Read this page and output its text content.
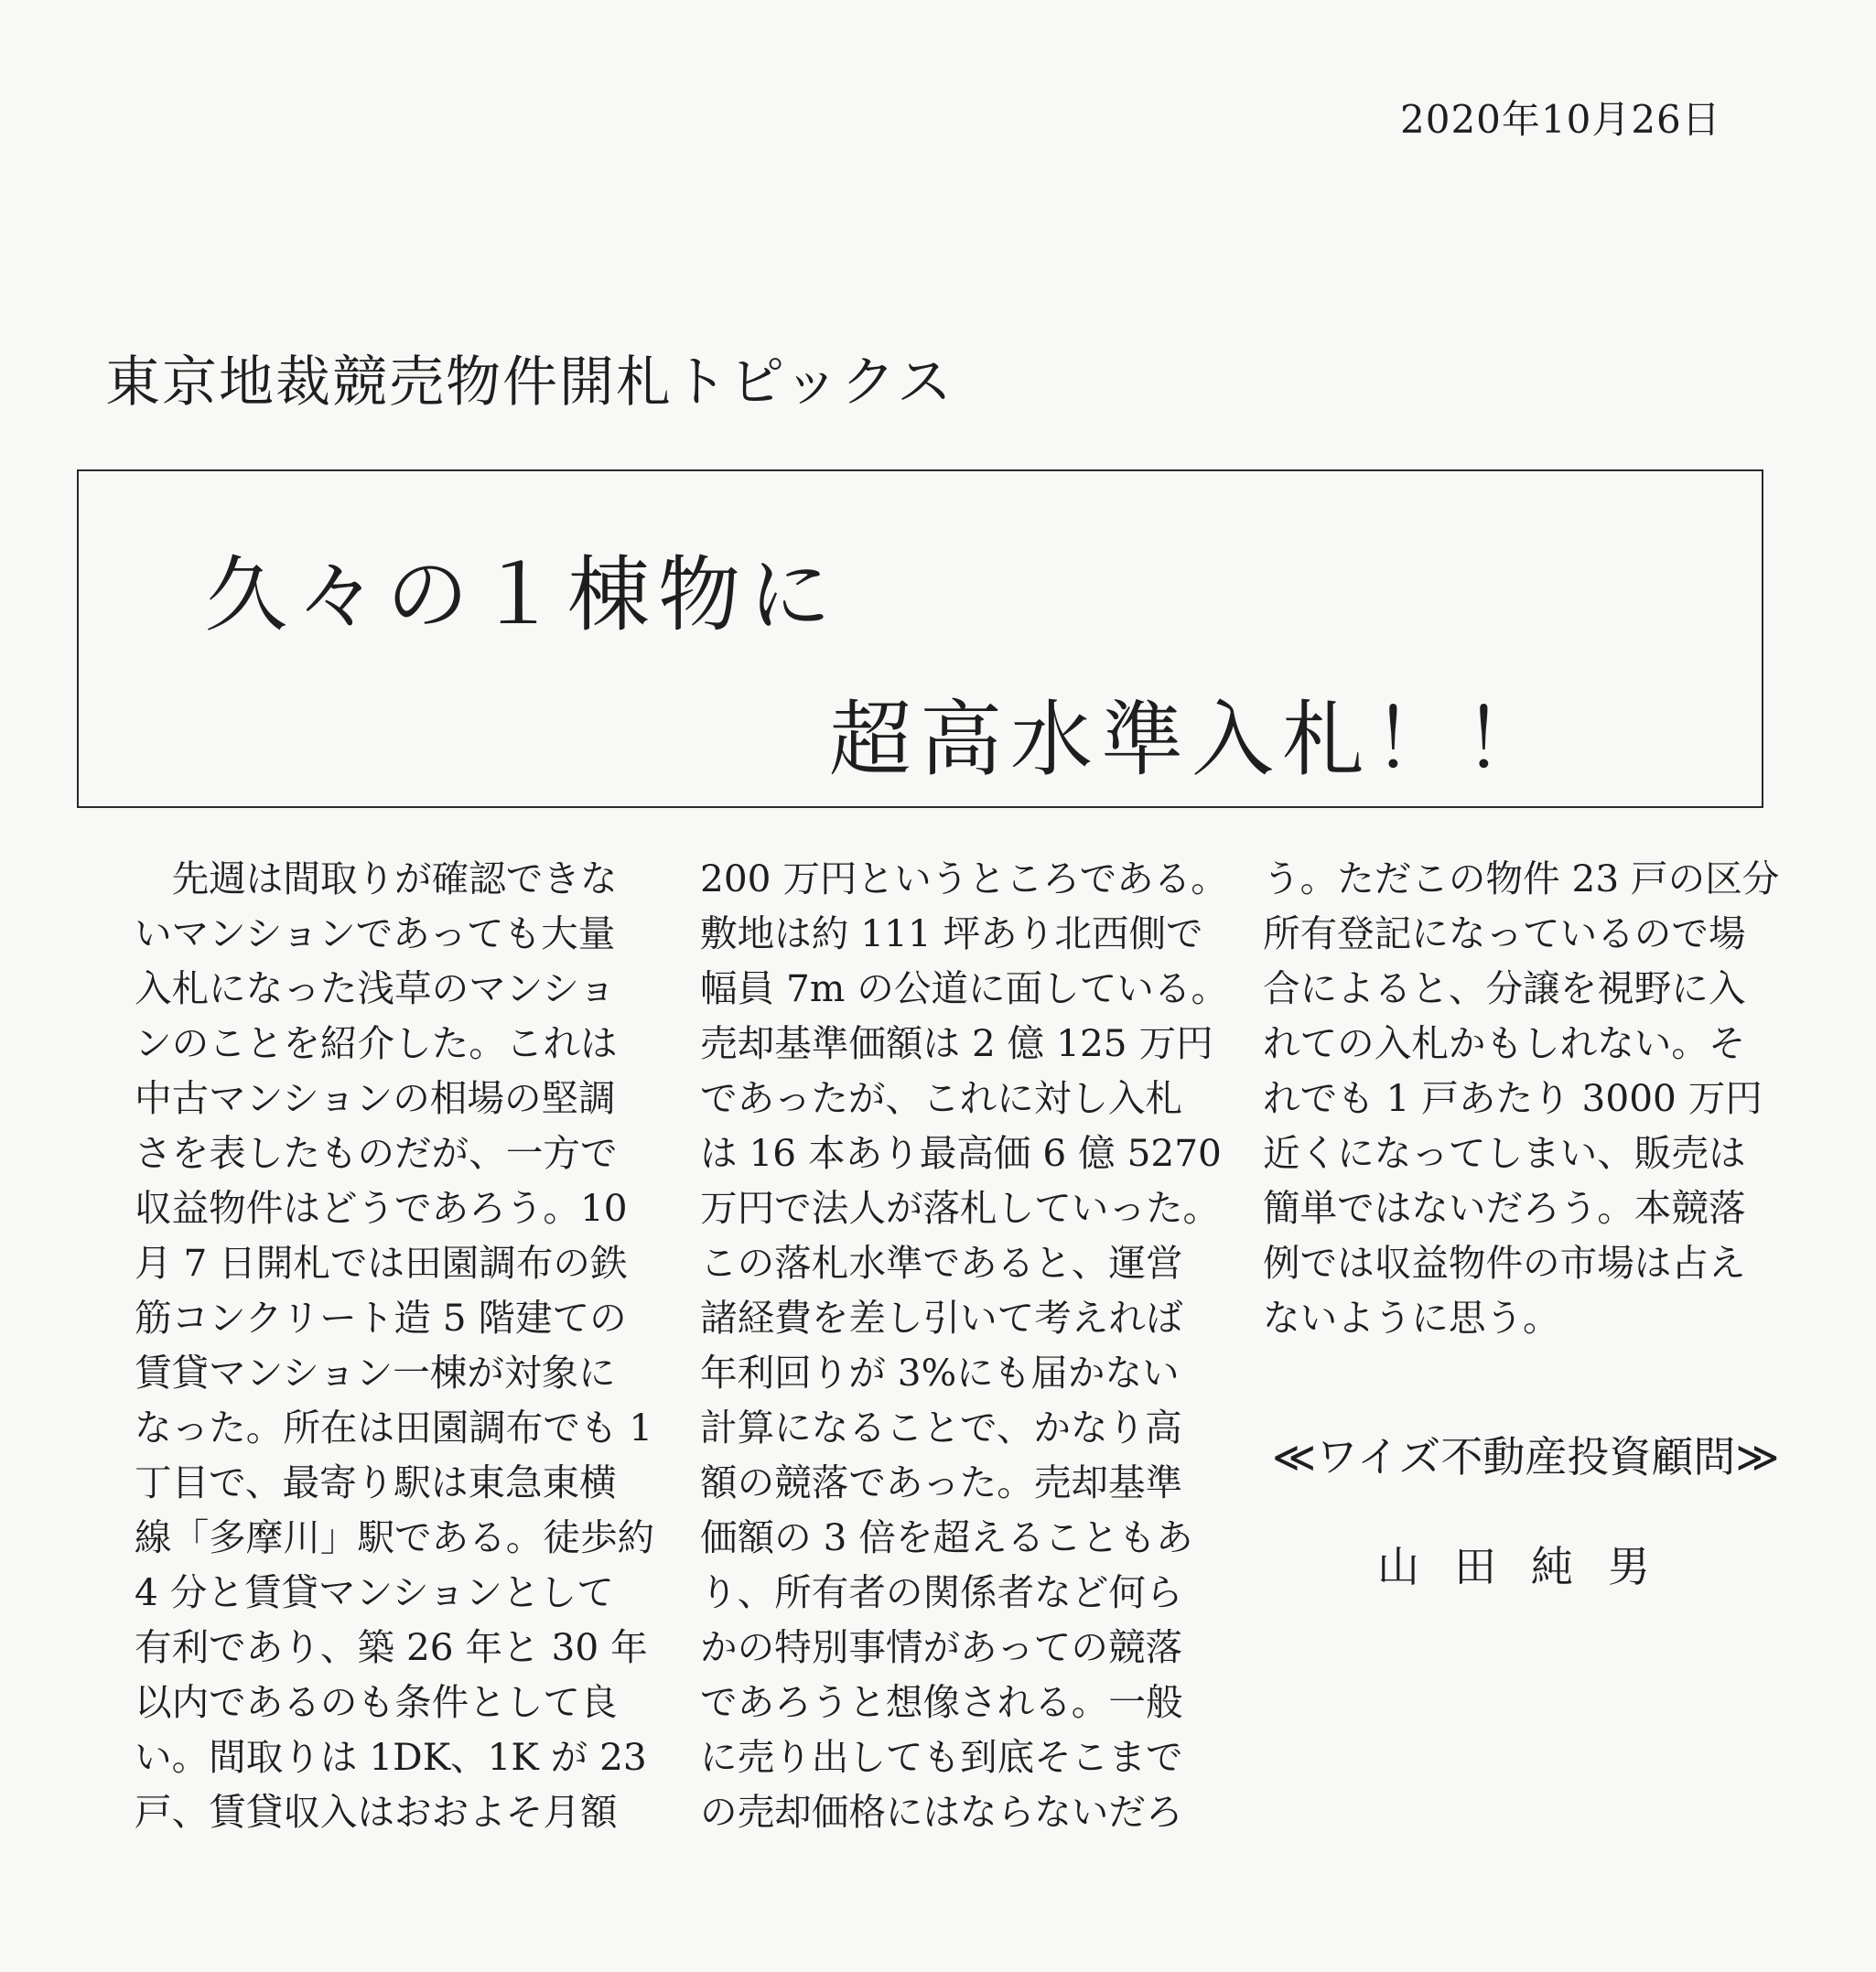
2020年10月26日
東京地裁競売物件開札トピックス
久々の１棟物に
超高水準入札！！
　先週は間取りが確認できな
いマンションであっても大量
入札になった浅草のマンショ
ンのことを紹介した。これは
中古マンションの相場の堅調
さを表したものだが、一方で
収益物件はどうであろう。10
月 7 日開札では田園調布の鉄
筋コンクリート造 5 階建ての
賃貸マンション一棟が対象に
なった。所在は田園調布でも 1
丁目で、最寄り駅は東急東横
線「多摩川」駅である。徒歩約
4 分と賃貸マンションとして
有利であり、築 26 年と 30 年
以内であるのも条件として良
い。間取りは 1DK、1K が 23
戸、賃貸収入はおおよそ月額
200 万円というところである。
敷地は約 111 坪あり北西側で
幅員 7m の公道に面している。
売却基準価額は 2 億 125 万円
であったが、これに対し入札
は 16 本あり最高価 6 億 5270
万円で法人が落札していった。
この落札水準であると、運営
諸経費を差し引いて考えれば
年利回りが 3%にも届かない
計算になることで、かなり高
額の競落であった。売却基準
価額の 3 倍を超えることもあ
り、所有者の関係者など何ら
かの特別事情があっての競落
であろうと想像される。一般
に売り出しても到底そこまで
の売却価格にはならないだろ
う。ただこの物件 23 戸の区分
所有登記になっているので場
合によると、分譲を視野に入
れての入札かもしれない。そ
れでも 1 戸あたり 3000 万円
近くになってしまい、販売は
簡単ではないだろう。本競落
例では収益物件の市場は占え
ないように思う。
≪ワイズ不動産投資顧問≫
山田純男
